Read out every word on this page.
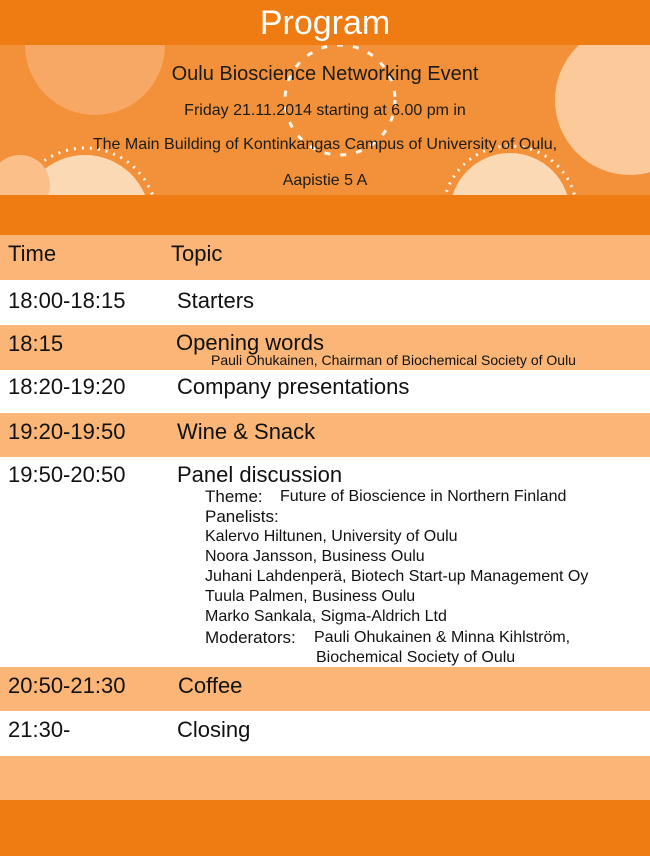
Program
Oulu Bioscience Networking Event
Friday 21.11.2014 starting at 6.00 pm in
The Main Building of Kontinkangas Campus of University of Oulu,
Aapistie 5 A
Time	Topic
18:00-18:15 Starters
18:15	Opening words
Pauli Ohukainen, Chairman of Biochemical Society of Oulu
18:20-19:20 Company presentations
19:20-19:50 Wine & Snack
19:50-20:50 Panel discussion
Theme: Future of Bioscience in Northern Finland
Panelists:
Kalervo Hiltunen, University of Oulu
Noora Jansson, Business Oulu
Juhani Lahdenperä, Biotech Start-up Management Oy
Tuula Palmen, Business Oulu
Marko Sankala, Sigma-Aldrich Ltd
Moderators: Pauli Ohukainen & Minna Kihlström,
Biochemical Society of Oulu
20:50-21:30 Coffee
21:30-	Closing
